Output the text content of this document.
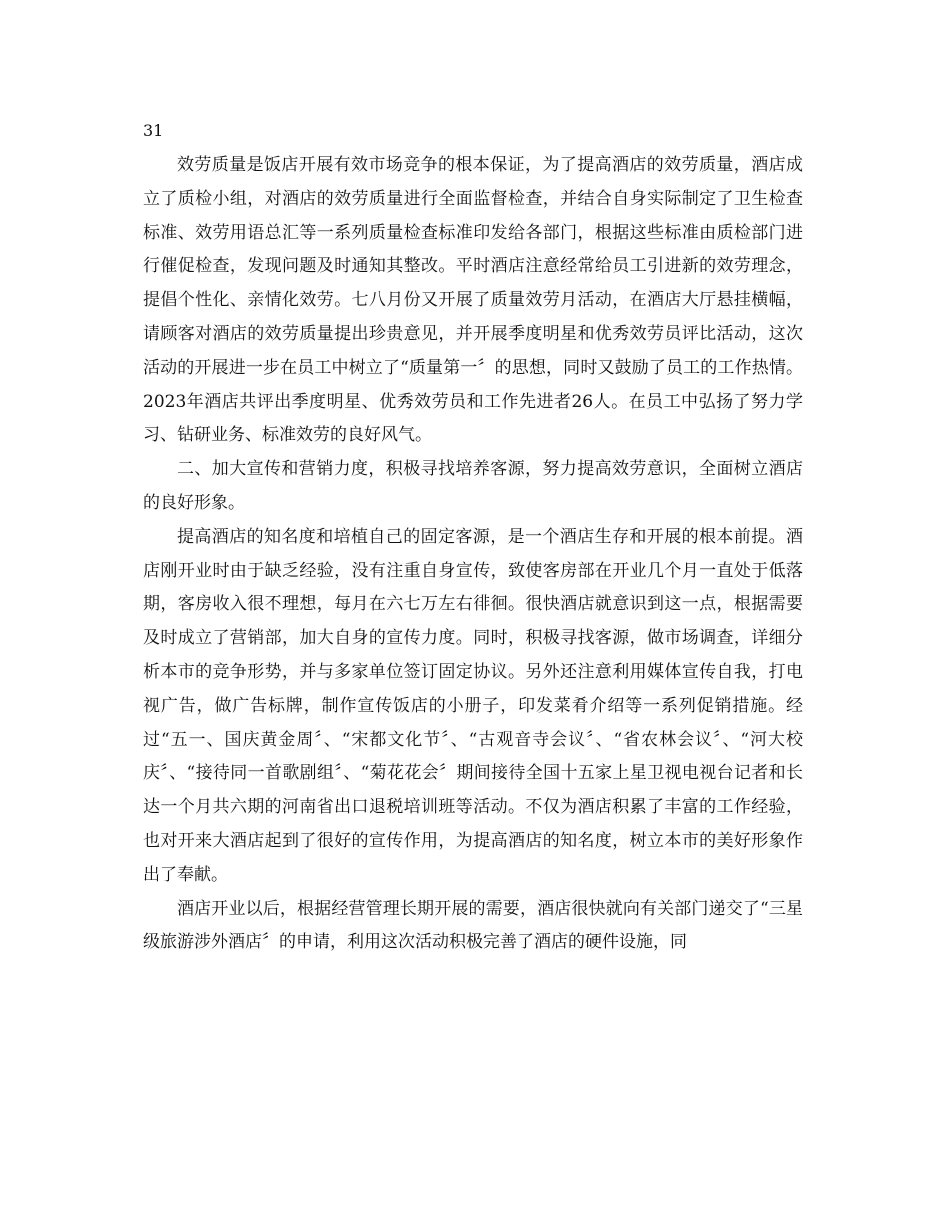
31

效劳质量是饭店开展有效市场竞争的根本保证，为了提高酒店的效劳质量，酒店成立了质检小组，对酒店的效劳质量进行全面监督检查，并结合自身实际制定了卫生检查标准、效劳用语总汇等一系列质量检查标准印发给各部门，根据这些标准由质检部门进行催促检查，发现问题及时通知其整改。平时酒店注意经常给员工引进新的效劳理念，提倡个性化、亲情化效劳。七八月份又开展了质量效劳月活动，在酒店大厅悬挂横幅，请顾客对酒店的效劳质量提出珍贵意见，并开展季度明星和优秀效劳员评比活动，这次活动的开展进一步在员工中树立了“质量第一〞的思想，同时又鼓励了员工的工作热情。2023年酒店共评出季度明星、优秀效劳员和工作先进者26人。在员工中弘扬了努力学习、钻研业务、标准效劳的良好风气。

二、加大宣传和营销力度，积极寻找培养客源，努力提高效劳意识，全面树立酒店的良好形象。

提高酒店的知名度和培植自己的固定客源，是一个酒店生存和开展的根本前提。酒店刚开业时由于缺乏经验，没有注重自身宣传，致使客房部在开业几个月一直处于低落期，客房收入很不理想，每月在六七万左右徘徊。很快酒店就意识到这一点，根据需要及时成立了营销部，加大自身的宣传力度。同时，积极寻找客源，做市场调查，详细分析本市的竞争形势，并与多家单位签订固定协议。另外还注意利用媒体宣传自我，打电视广告，做广告标牌，制作宣传饭店的小册子，印发菜肴介绍等一系列促销措施。经过“五一、国庆黄金周〞、“宋都文化节〞、“古观音寺会议〞、“省农林会议〞、“河大校庆〞、“接待同一首歌剧组〞、“菊花花会〞期间接待全国十五家上星卫视电视台记者和长达一个月共六期的河南省出口退税培训班等活动。不仅为酒店积累了丰富的工作经验，也对开来大酒店起到了很好的宣传作用，为提高酒店的知名度，树立本市的美好形象作出了奉献。

酒店开业以后，根据经营管理长期开展的需要，酒店很快就向有关部门递交了“三星级旅游涉外酒店〞的申请，利用这次活动积极完善了酒店的硬件设施，同
